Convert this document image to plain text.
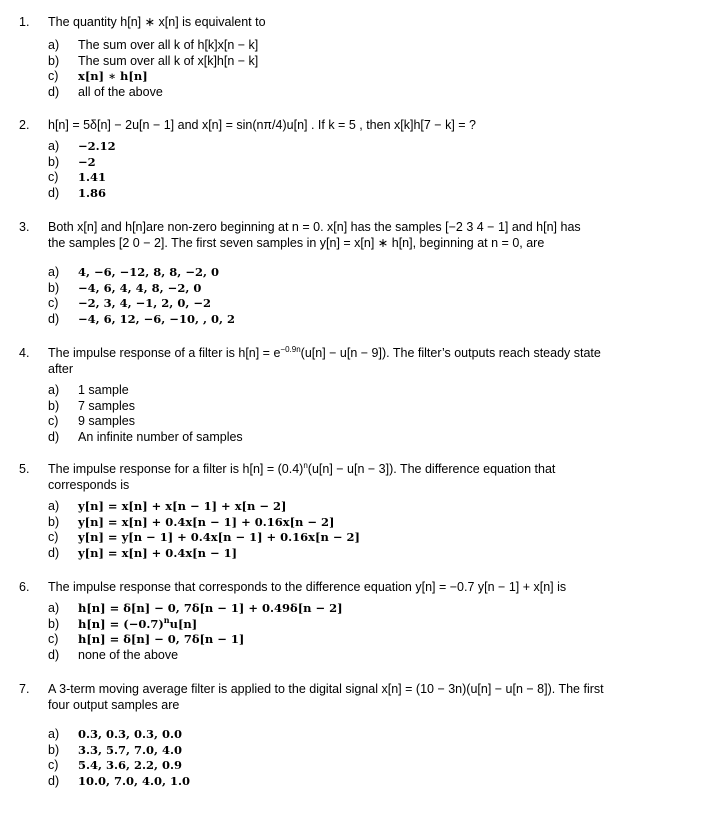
1. The quantity h[n] ∗ x[n] is equivalent to
a) The sum over all k of h[k]x[n − k]
b) The sum over all k of x[k]h[n − k]
c) x[n] ∗ h[n]
d) all of the above
2. h[n] = 5δ[n] − 2u[n − 1] and x[n] = sin(nπ/4)u[n] . If k = 5 , then x[k]h[7 − k] = ?
a) −2.12
b) −2
c) 1.41
d) 1.86
3. Both x[n] and h[n]are non-zero beginning at n = 0. x[n] has the samples [−2 3 4 − 1] and h[n] has
the samples [2 0 − 2]. The first seven samples in y[n] = x[n] ∗ h[n], beginning at n = 0, are
a) 4, −6, −12, 8, 8, −2, 0
b) −4, 6, 4, 4, 8, −2, 0
c) −2, 3, 4, −1, 2, 0, −2
d) −4, 6, 12, −6, −10, , 0, 2
4. The impulse response of a filter is $h[n] = e^{-0.9n}(u[n] - u[n - 9])$. The filter’s outputs reach steady state
after
a) 1 sample
b) 7 samples
c) 9 samples
d) An infinite number of samples
5. The impulse response for a filter is $h[n] = (0.4)^n(u[n] - u[n - 3])$. The difference equation that
corresponds is
a) y[n] = x[n] + x[n − 1] + x[n − 2]
b) y[n] = x[n] + 0.4x[n − 1] + 0.16x[n − 2]
c) y[n] = y[n − 1] + 0.4x[n − 1] + 0.16x[n − 2]
d) y[n] = x[n] + 0.4x[n − 1]
6. The impulse response that corresponds to the difference equation y[n] = −0.7 y[n − 1] + x[n] is
a) h[n] = δ[n] − 0, 7δ[n − 1] + 0.49δ[n − 2]
b) $h[n] = (-0.7)^nu[n]$
c) h[n] = δ[n] − 0, 7δ[n − 1]
d) none of the above
7. A 3-term moving average filter is applied to the digital signal x[n] = (10 − 3n)(u[n] − u[n − 8]). The first
four output samples are
a) 0.3, 0.3, 0.3, 0.0
b) 3.3, 5.7, 7.0, 4.0
c) 5.4, 3.6, 2.2, 0.9
d) 10.0, 7.0, 4.0, 1.0
